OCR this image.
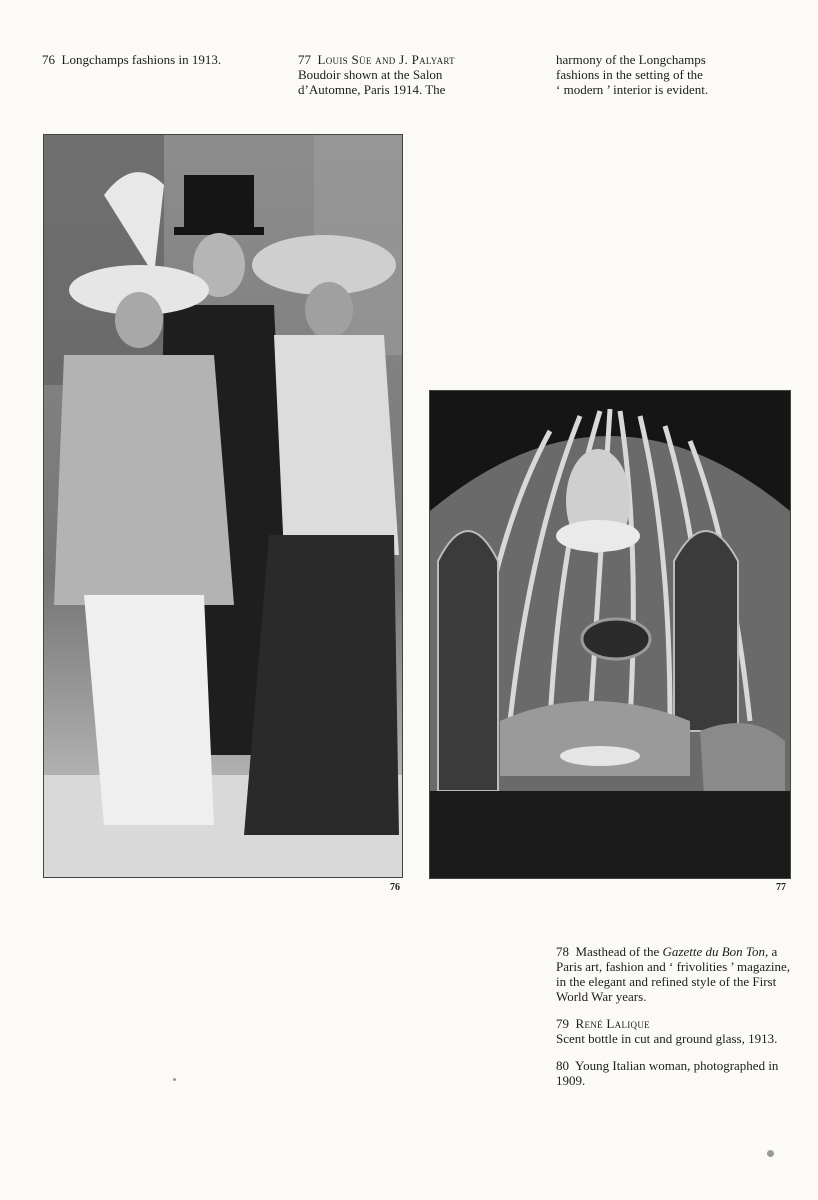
76 Longchamps fashions in 1913.	77 Louis Süe and J. Palyart
Boudoir shown at the Salon
d’Automne, Paris 1914. The
harmony of the Longchamps
fashions in the setting of the
‘ modern ’ interior is evident.
76	77

78 Masthead of the Gazette du Bon Ton, a Paris art, fashion and ‘ frivolities ’ magazine, in the elegant and refined style of the First World War years.

79 René Lalique
Scent bottle in cut and ground glass, 1913.

80 Young Italian woman, photographed in 1909.
